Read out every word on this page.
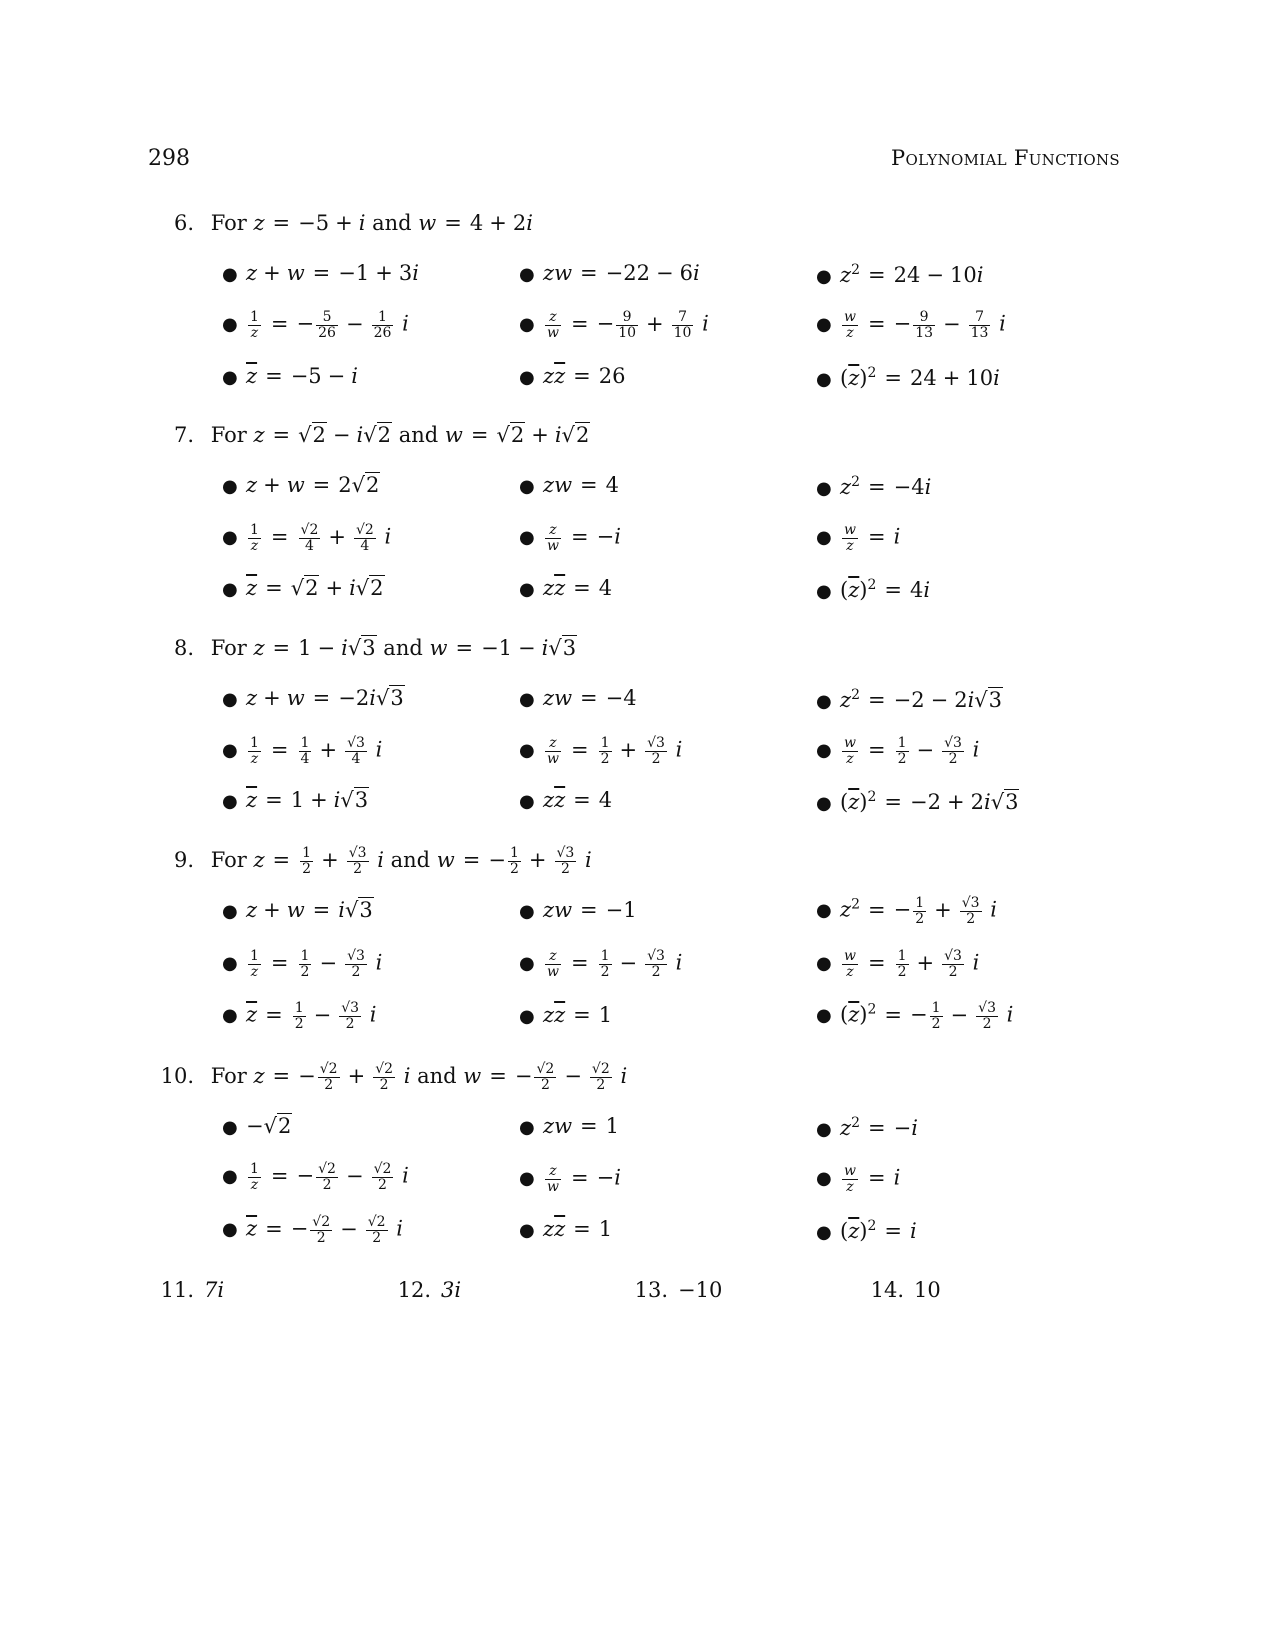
298	Polynomial Functions
6. For z = −5 + i and w = 4 + 2i
● z + w = −1 + 3i	● zw = −22 − 6i	● $z^2 = 24 - 10i$
● $\frac{1}{z}$ = − $\frac{5}{26} - \frac{1}{26}$ i	● $\frac{z}{w}$ = − $\frac{9}{10} + \frac{7}{10}$ i	● $\frac{w}{z}$ = − $\frac{9}{13} - \frac{7}{13}$ i
● $\overline{z} = -5 - i$	● $z\overline{z} = 26$	● $(\overline{z})^2 = 24 + 10i$
7. For z = √2 − i√2 and w = √2 + i√2
● z + w = 2√2	● zw = 4	● $z^2 = -4i$
● $\frac{1}{z} = \frac{√2}{4} + \frac{√2}{4}$ i	● $\frac{z}{w} = -i$	● $\frac{w}{z} = i$
● $\overline{z} = √2 + i√2$	● $z\overline{z} = 4$	● $(\overline{z})^2 = 4i$
8. For z = 1 − i√3 and w = −1 − i√3
● z + w = −2i√3	● zw = −4	● $z^2 = -2 - 2i√3$
● $\frac{1}{z} = \frac{1}{4} + \frac{√3}{4}$ i	● $\frac{z}{w} = \frac{1}{2} + \frac{√3}{2}$ i	● $\frac{w}{z} = \frac{1}{2} - \frac{√3}{2}$ i
● $\overline{z} = 1 + i√3$	● $z\overline{z} = 4$	● $(\overline{z})^2 = -2 + 2i√3$
9. For $z = \frac{1}{2} + \frac{√3}{2}$ i and w = − $\frac{1}{2} + \frac{√3}{2}$ i
● z + w = i√3	● zw = −1	● $z^2$ = − $\frac{1}{2} + \frac{√3}{2}$ i
● $\frac{1}{z} = \frac{1}{2} - \frac{√3}{2}$ i	● $\frac{z}{w} = \frac{1}{2} - \frac{√3}{2}$ i	● $\frac{w}{z} = \frac{1}{2} + \frac{√3}{2}$ i
● $\overline{z} = \frac{1}{2} - \frac{√3}{2}$ i	● $z\overline{z} = 1$	● $(\overline{z})^2$ = − $\frac{1}{2} - \frac{√3}{2}$ i
10. For z = − $\frac{√2}{2} + \frac{√2}{2}$ i and w = − $\frac{√2}{2} - \frac{√2}{2}$ i
● −√2	● zw = 1	● $z^2 = -i$
● $\frac{1}{z}$ = − $\frac{√2}{2} - \frac{√2}{2}$ i	● $\frac{z}{w} = -i$	● $\frac{w}{z} = i$
● $\overline{z}$ = − $\frac{√2}{2} - \frac{√2}{2}$ i	● $z\overline{z} = 1$	● $(\overline{z})^2 = i$
11. 7i	12. 3i	13. −10	14. 10
